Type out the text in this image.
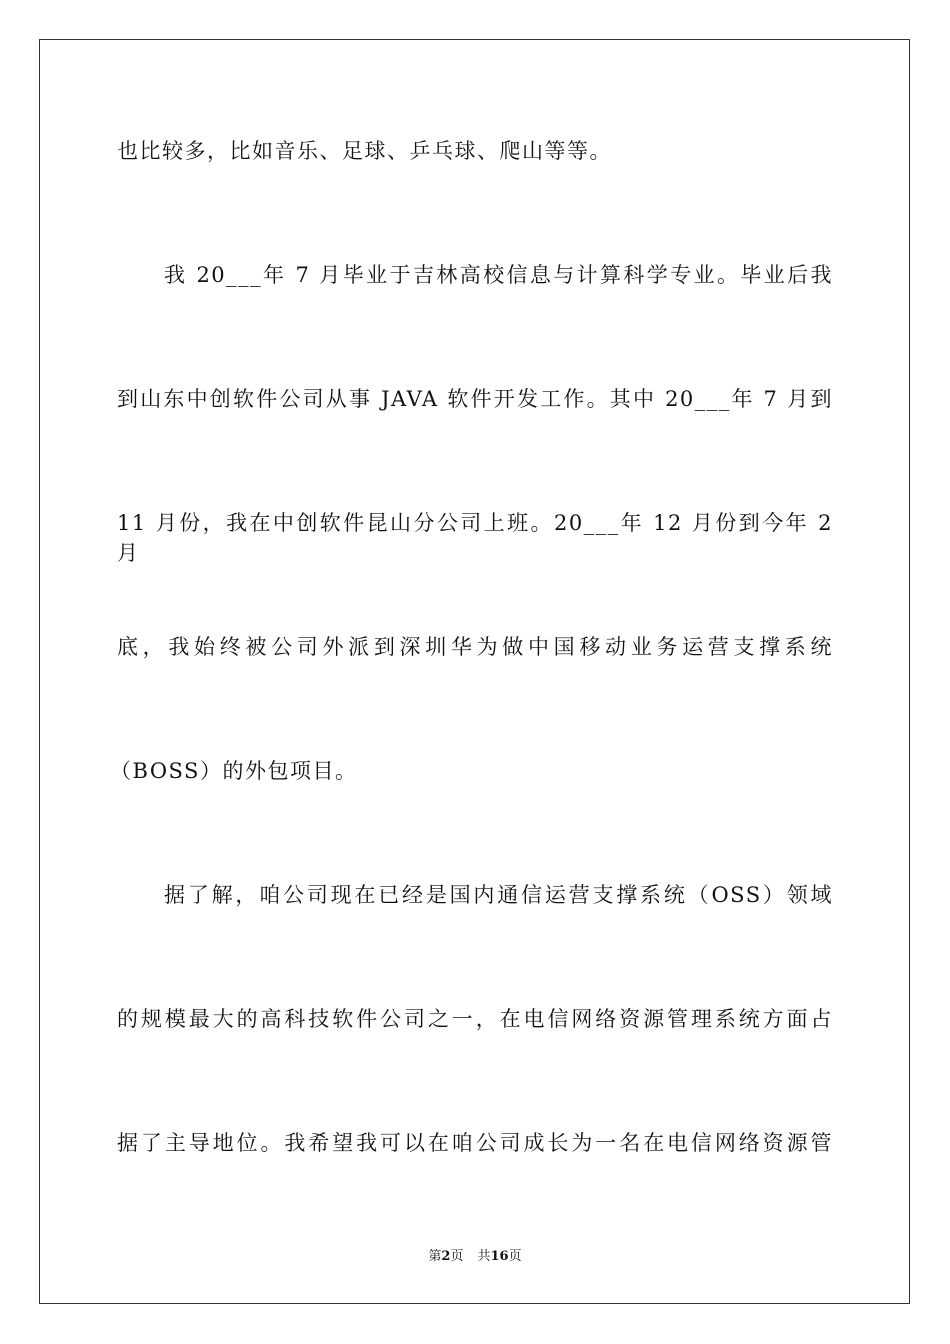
也比较多，比如音乐、足球、乒乓球、爬山等等。
我 20___年 7 月毕业于吉林高校信息与计算科学专业。毕业后我
到山东中创软件公司从事 JAVA 软件开发工作。其中 20___年 7 月到
11 月份，我在中创软件昆山分公司上班。20___年 12 月份到今年 2 月
底，我始终被公司外派到深圳华为做中国移动业务运营支撑系统
（BOSS）的外包项目。
据了解，咱公司现在已经是国内通信运营支撑系统（OSS）领域
的规模最大的高科技软件公司之一，在电信网络资源管理系统方面占
据了主导地位。我希望我可以在咱公司成长为一名在电信网络资源管
第2页 共16页
